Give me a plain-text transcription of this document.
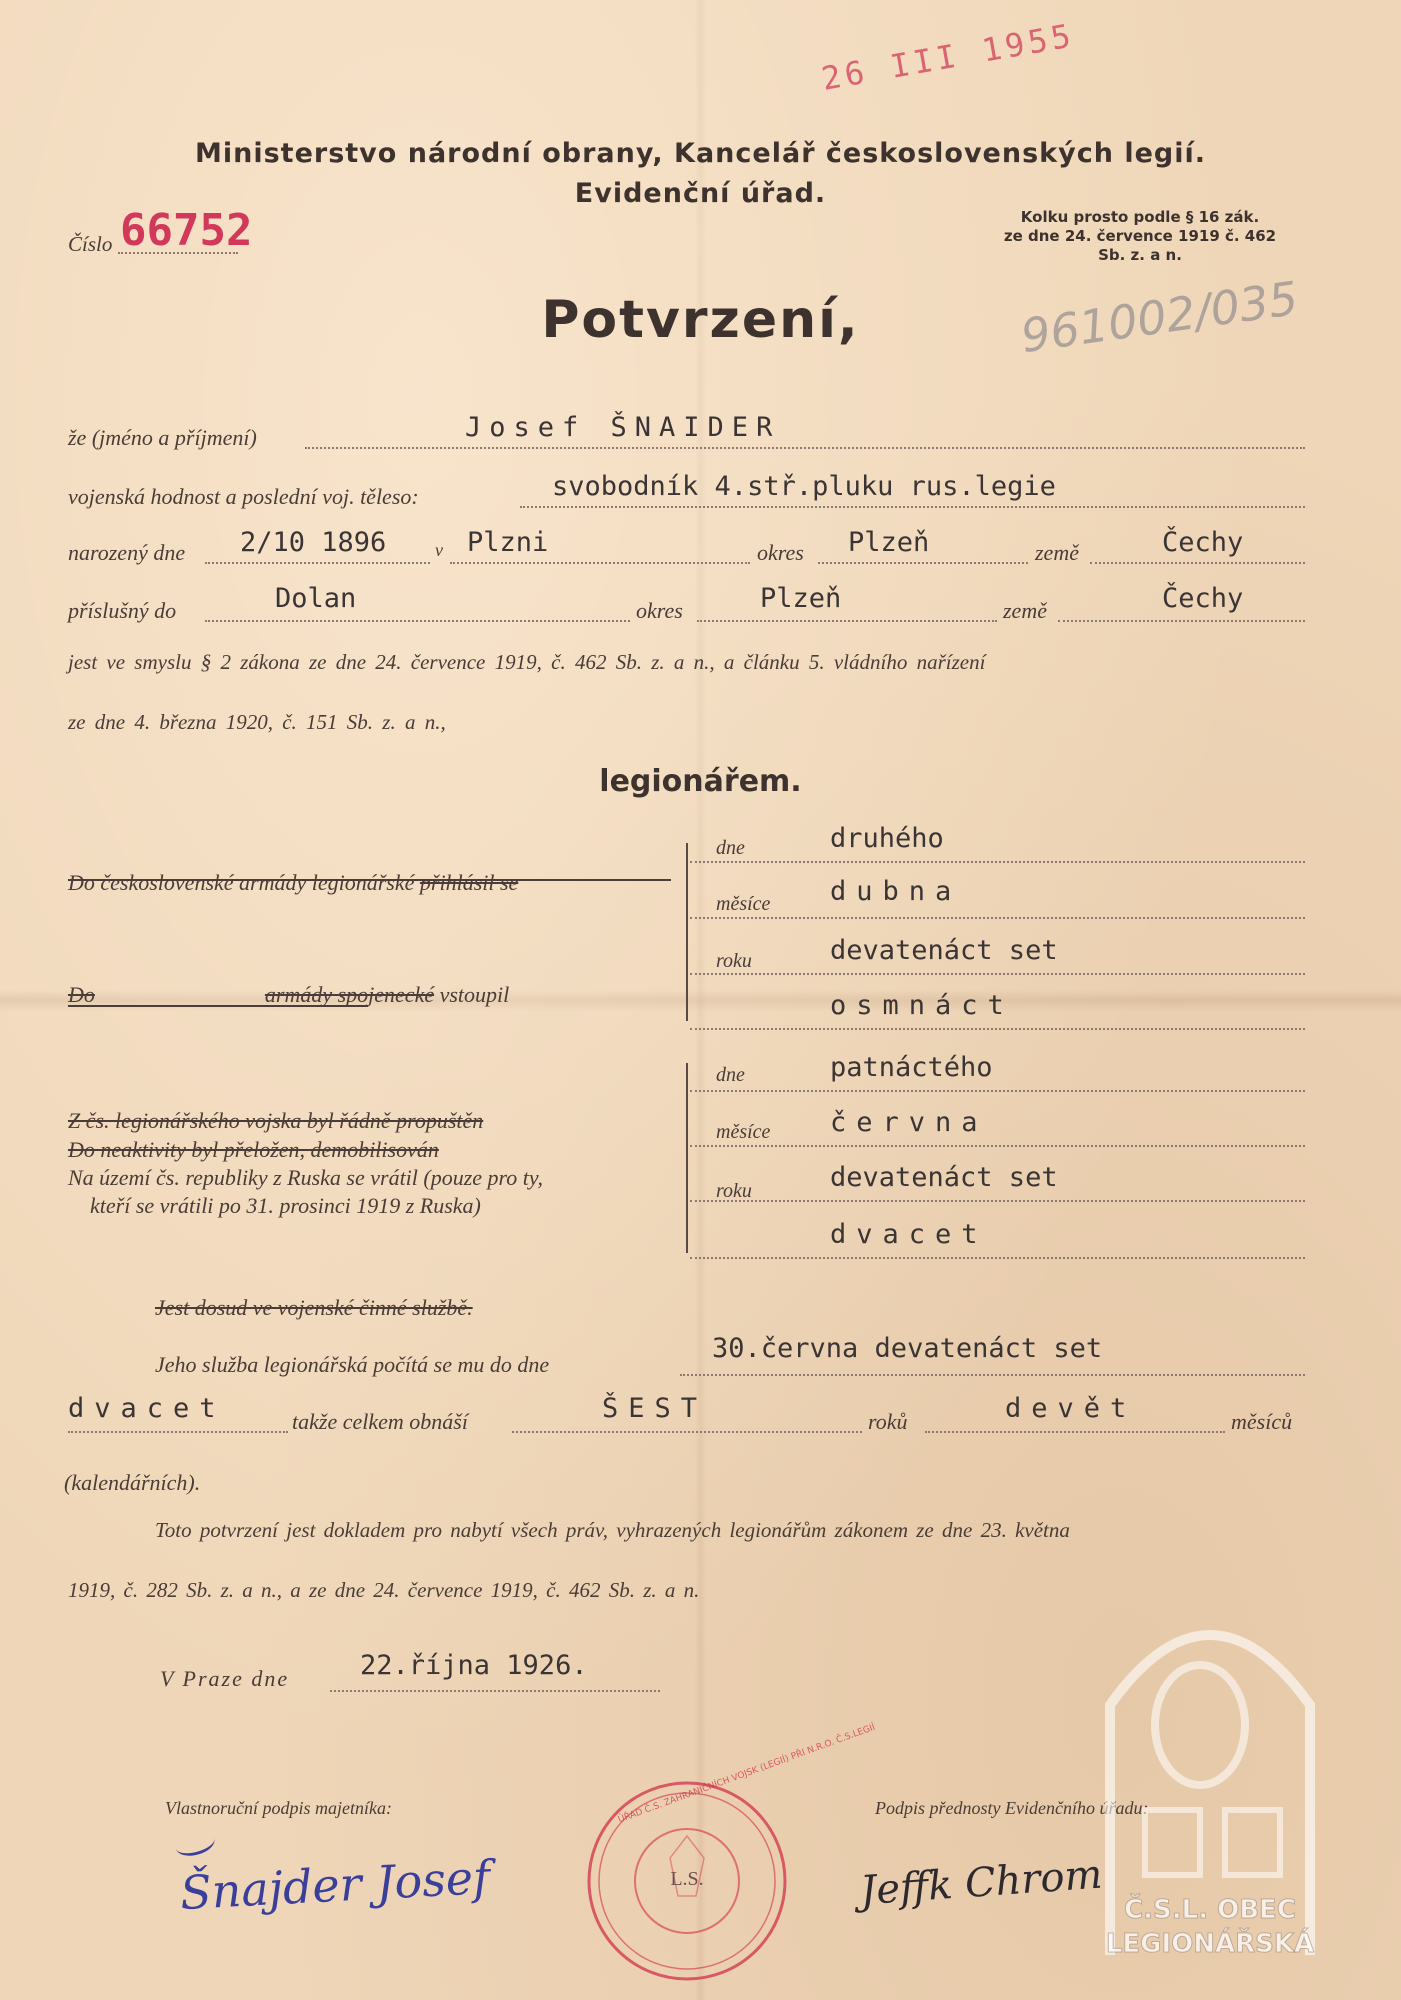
Ministerstvo národní obrany, Kancelář československých legií.
Evidenční úřad.
26 III 1955
Číslo 66752	Kolku prosto podle § 16 zák.
ze dne 24. července 1919 č. 462
Sb. z. a n.
961002/035
Potvrzení,
že (jméno a příjmení)	Josef ŠNAIDER
vojenská hodnost a poslední voj. těleso:	svobodník 4.stř.pluku rus.legie
narozený dne 2/10 1896	v Plzni	okres Plzeň	země	Čechy
příslušný do	Dolan	okres	Plzeň	země	Čechy
jest ve smyslu § 2 zákona ze dne 24. července 1919, č. 462 Sb. z. a n., a článku 5. vládního nařízení
ze dne 4. března 1920, č. 151 Sb. z. a n.,
legionářem.
Do československé armády legionářské přihlásil se
Do	armády spojenecké vstoupil
dne	druhého
měsíce dubna
roku	devatenáct set
osmnáct
Z čs. legionářského vojska byl řádně propuštěn
Do neaktivity byl přeložen, demobilisován
Na území čs. republiky z Ruska se vrátil (pouze pro ty,
kteří se vrátili po 31. prosinci 1919 z Ruska)
dne	patnáctého
měsíce června
roku	devatenáct set
dvacet
Jest dosud ve vojenské činné službě.
Jeho služba legionářská počítá se mu do dne
30.června devatenáct set
dvacet	takže celkem obnáší	ŠEST	roků	devět	měsíců
(kalendářních).
Toto potvrzení jest dokladem pro nabytí všech práv, vyhrazených legionářům zákonem ze dne 23. května
1919, č. 282 Sb. z. a n., a ze dne 24. července 1919, č. 462 Sb. z. a n.
V Praze dne	22.října 1926.
Vlastnoruční podpis majetníka:
Šnajder Josef
Podpis přednosty Evidenčního úřadu:
Jeffk Chrom
L.S.
ÚŘAD Č.S. ZAHRANIČNÍCH VOJSK (LEGIÍ) PŘI N.R.O. Č.S.LEGIÍ
Č.S.L. OBEC
LEGIONÁŘSKÁ
